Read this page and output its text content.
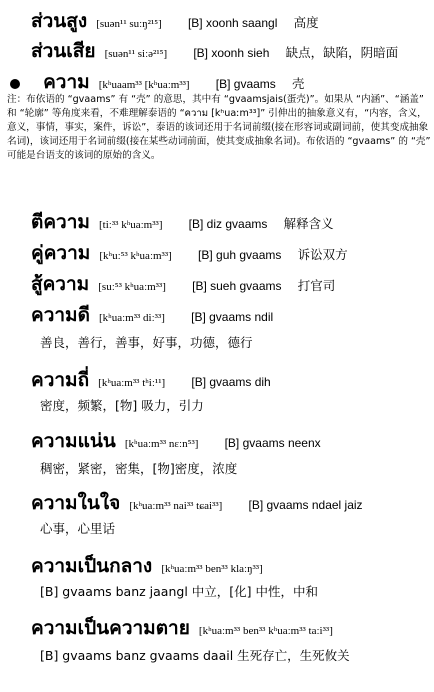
ส่วนสูง [suən¹¹ suːŋ²¹⁵] [B] xoonh saangl 高度
ส่วนเสีย [suən¹¹ siːə²¹⁵] [B] xoonh sieh 缺点，缺陷，阴暗面
ความ [kʰuaam³³ [kʰuaːm³³] [B] gvaams 壳
注：布依语的 “gvaams” 有 “壳” 的意思，其中有 “gvaamsjais(蛋壳)”。如果从 “内涵”、“涵盖” 和 “轮廓” 等角度来看，不难理解泰语的 “ความ [kʰuaːm³³]” 引伸出的抽象意义有，“内容，含义，意义，事情，事实，案件，诉讼”，泰语的该词还用于名词前缀(接在形容词或副词前，使其变成抽象名词)，该词还用于名词前缀(接在某些动词前面，使其变成抽象名词)。布依语的 “gvaams” 的 “壳” 可能是台语支的该词的原始的含义。
ตีความ [tiː³³ kʰuaːm³³] [B] diz gvaams 解释含义
คู่ความ [kʰuː⁵³ kʰuaːm³³] [B] guh gvaams 诉讼双方
สู้ความ [suː⁵³ kʰuaːm³³] [B] sueh gvaams 打官司
ความดี [kʰuaːm³³ diː³³] [B] gvaams ndil
善良，善行，善事，好事，功德，德行
ความถี่ [kʰuaːm³³ tʰiː¹¹] [B] gvaams dih
密度，频繁，[物] 吸力，引力
ความแน่น [kʰuaːm³³ nɛːn⁵³] [B] gvaams neenx
稠密，紧密，密集，[物]密度，浓度
ความในใจ [kʰuaːm³³ nai³³ tɕai³³] [B] gvaams ndael jaiz
心事，心里话
ความเป็นกลาง [kʰuaːm³³ ben³³ klaːŋ³³]
[B] gvaams banz jaangl 中立，[化] 中性，中和
ความเป็นความตาย [kʰuaːm³³ ben³³ kʰuaːm³³ taːi³³]
[B] gvaams banz gvaams daail 生死存亡，生死攸关
